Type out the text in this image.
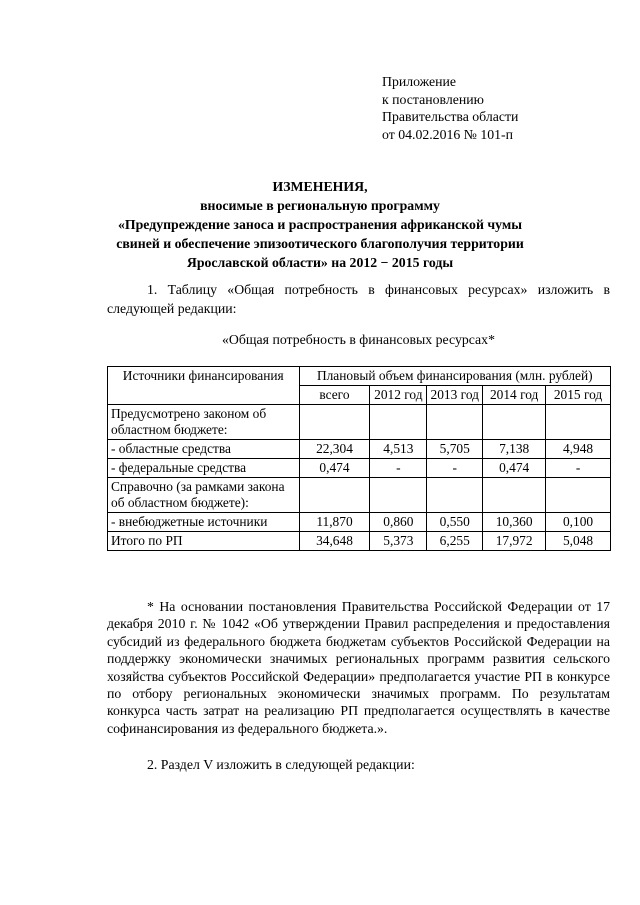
Приложение
к постановлению
Правительства области
от 04.02.2016 № 101-п
ИЗМЕНЕНИЯ,
вносимые в региональную программу
«Предупреждение заноса и распространения африканской чумы свиней и обеспечение эпизоотического благополучия территории Ярославской области» на 2012 − 2015 годы
1. Таблицу «Общая потребность в финансовых ресурсах» изложить в следующей редакции:
«Общая потребность в финансовых ресурсах*
Источники финансирования	Плановый объем финансирования (млн. рублей)				
	всего	2012 год	2013 год	2014 год	2015 год
Предусмотрено законом об областном бюджете:					
- областные средства	22,304	4,513	5,705	7,138	4,948
- федеральные средства	0,474	-	-	0,474	-
Справочно (за рамками закона об областном бюджете):					
- внебюджетные источники	11,870	0,860	0,550	10,360	0,100
Итого по РП	34,648	5,373	6,255	17,972	5,048
* На основании постановления Правительства Российской Федерации от 17 декабря 2010 г. № 1042 «Об утверждении Правил распределения и предоставления субсидий из федерального бюджета бюджетам субъектов Российской Федерации на поддержку экономически значимых региональных программ развития сельского хозяйства субъектов Российской Федерации» предполагается участие РП в конкурсе по отбору региональных экономически значимых программ. По результатам конкурса часть затрат на реализацию РП предполагается осуществлять в качестве софинансирования из федерального бюджета.».
2. Раздел V изложить в следующей редакции:
